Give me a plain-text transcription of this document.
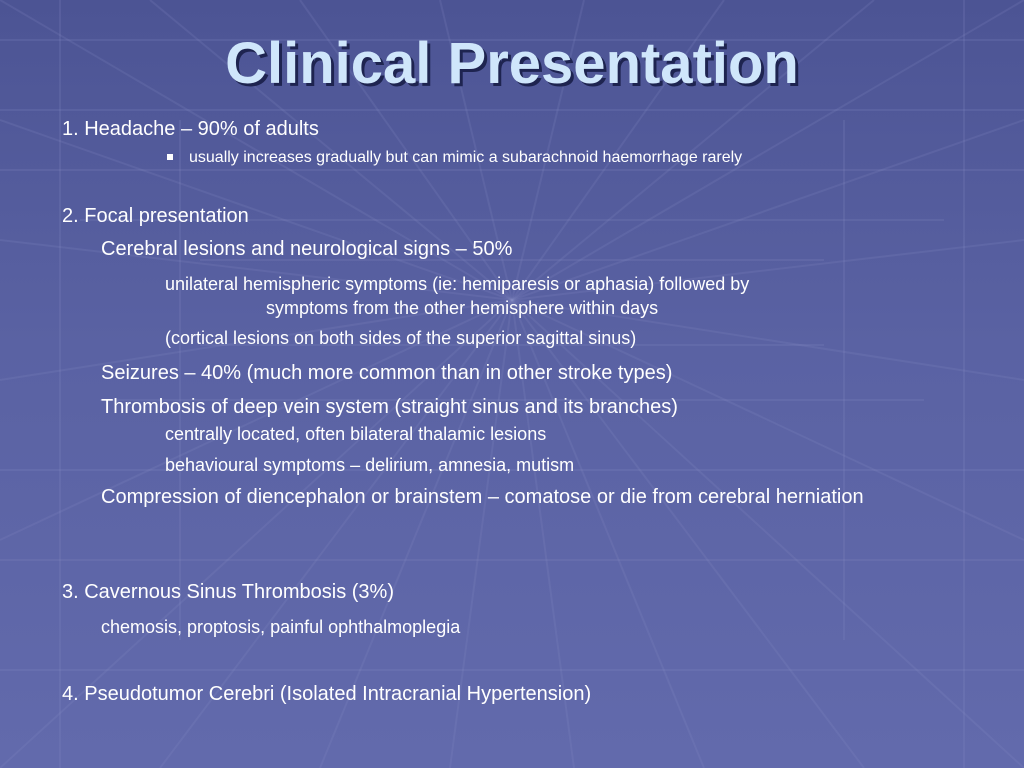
Clinical Presentation
1. Headache – 90% of adults
usually increases gradually but can mimic a subarachnoid haemorrhage rarely
2. Focal presentation
Cerebral lesions and neurological signs – 50%
unilateral hemispheric symptoms (ie: hemiparesis or aphasia) followed by
symptoms from the other hemisphere within days
(cortical lesions on both sides of the superior sagittal sinus)
Seizures – 40% (much more common than in other stroke types)
Thrombosis of deep vein system (straight sinus and its branches)
centrally located, often bilateral thalamic lesions
behavioural symptoms – delirium, amnesia, mutism
Compression of diencephalon or brainstem – comatose or die from cerebral herniation
3. Cavernous Sinus Thrombosis (3%)
chemosis, proptosis, painful ophthalmoplegia
4. Pseudotumor Cerebri (Isolated Intracranial Hypertension)
